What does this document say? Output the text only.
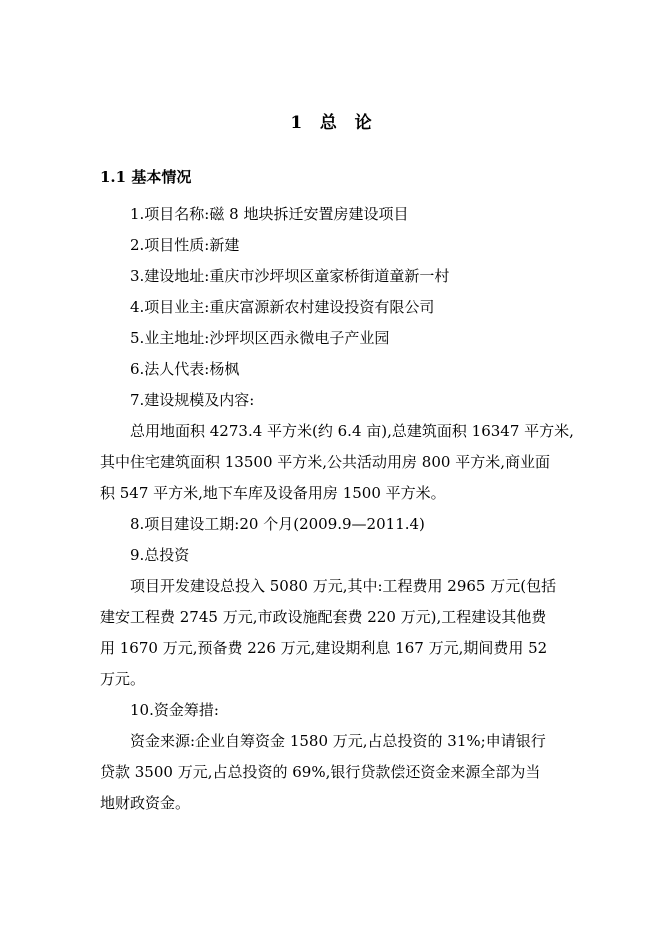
1   总   论
1.1 基本情况
1.项目名称:磁 8 地块拆迁安置房建设项目
2.项目性质:新建
3.建设地址:重庆市沙坪坝区童家桥街道童新一村
4.项目业主:重庆富源新农村建设投资有限公司
5.业主地址:沙坪坝区西永微电子产业园
6.法人代表:杨枫
7.建设规模及内容:
总用地面积 4273.4 平方米(约 6.4 亩),总建筑面积 16347 平方米,
其中住宅建筑面积 13500 平方米,公共活动用房 800 平方米,商业面
积 547 平方米,地下车库及设备用房 1500 平方米。
8.项目建设工期:20 个月(2009.9—2011.4)
9.总投资
项目开发建设总投入 5080 万元,其中:工程费用 2965 万元(包括
建安工程费 2745 万元,市政设施配套费 220 万元),工程建设其他费
用 1670 万元,预备费 226 万元,建设期利息 167 万元,期间费用 52
万元。
10.资金筹措:
资金来源:企业自筹资金 1580 万元,占总投资的 31%;申请银行
贷款 3500 万元,占总投资的 69%,银行贷款偿还资金来源全部为当
地财政资金。
